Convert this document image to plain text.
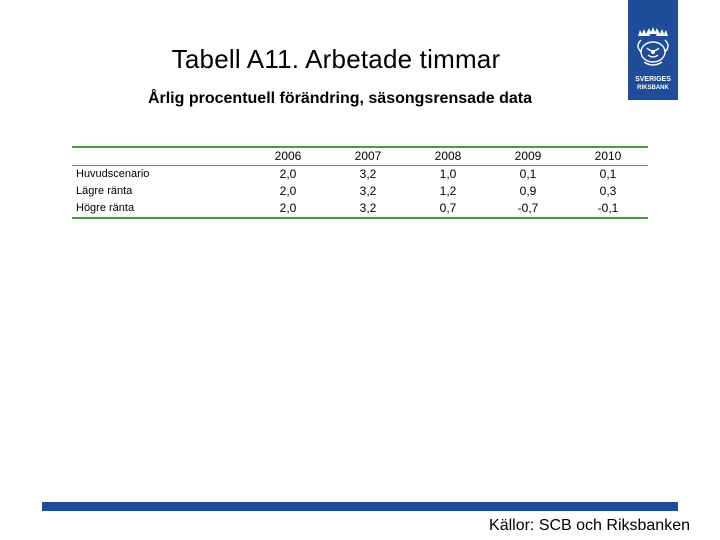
Tabell A11. Arbetade timmar
Årlig procentuell förändring, säsongsrensade data
SVERIGES
RIKSBANK
	2006	2007	2008	2009	2010
Huvudscenario	2,0	3,2	1,0	0,1	0,1
Lägre ränta	2,0	3,2	1,2	0,9	0,3
Högre ränta	2,0	3,2	0,7	-0,7	-0,1
Källor: SCB och Riksbanken
